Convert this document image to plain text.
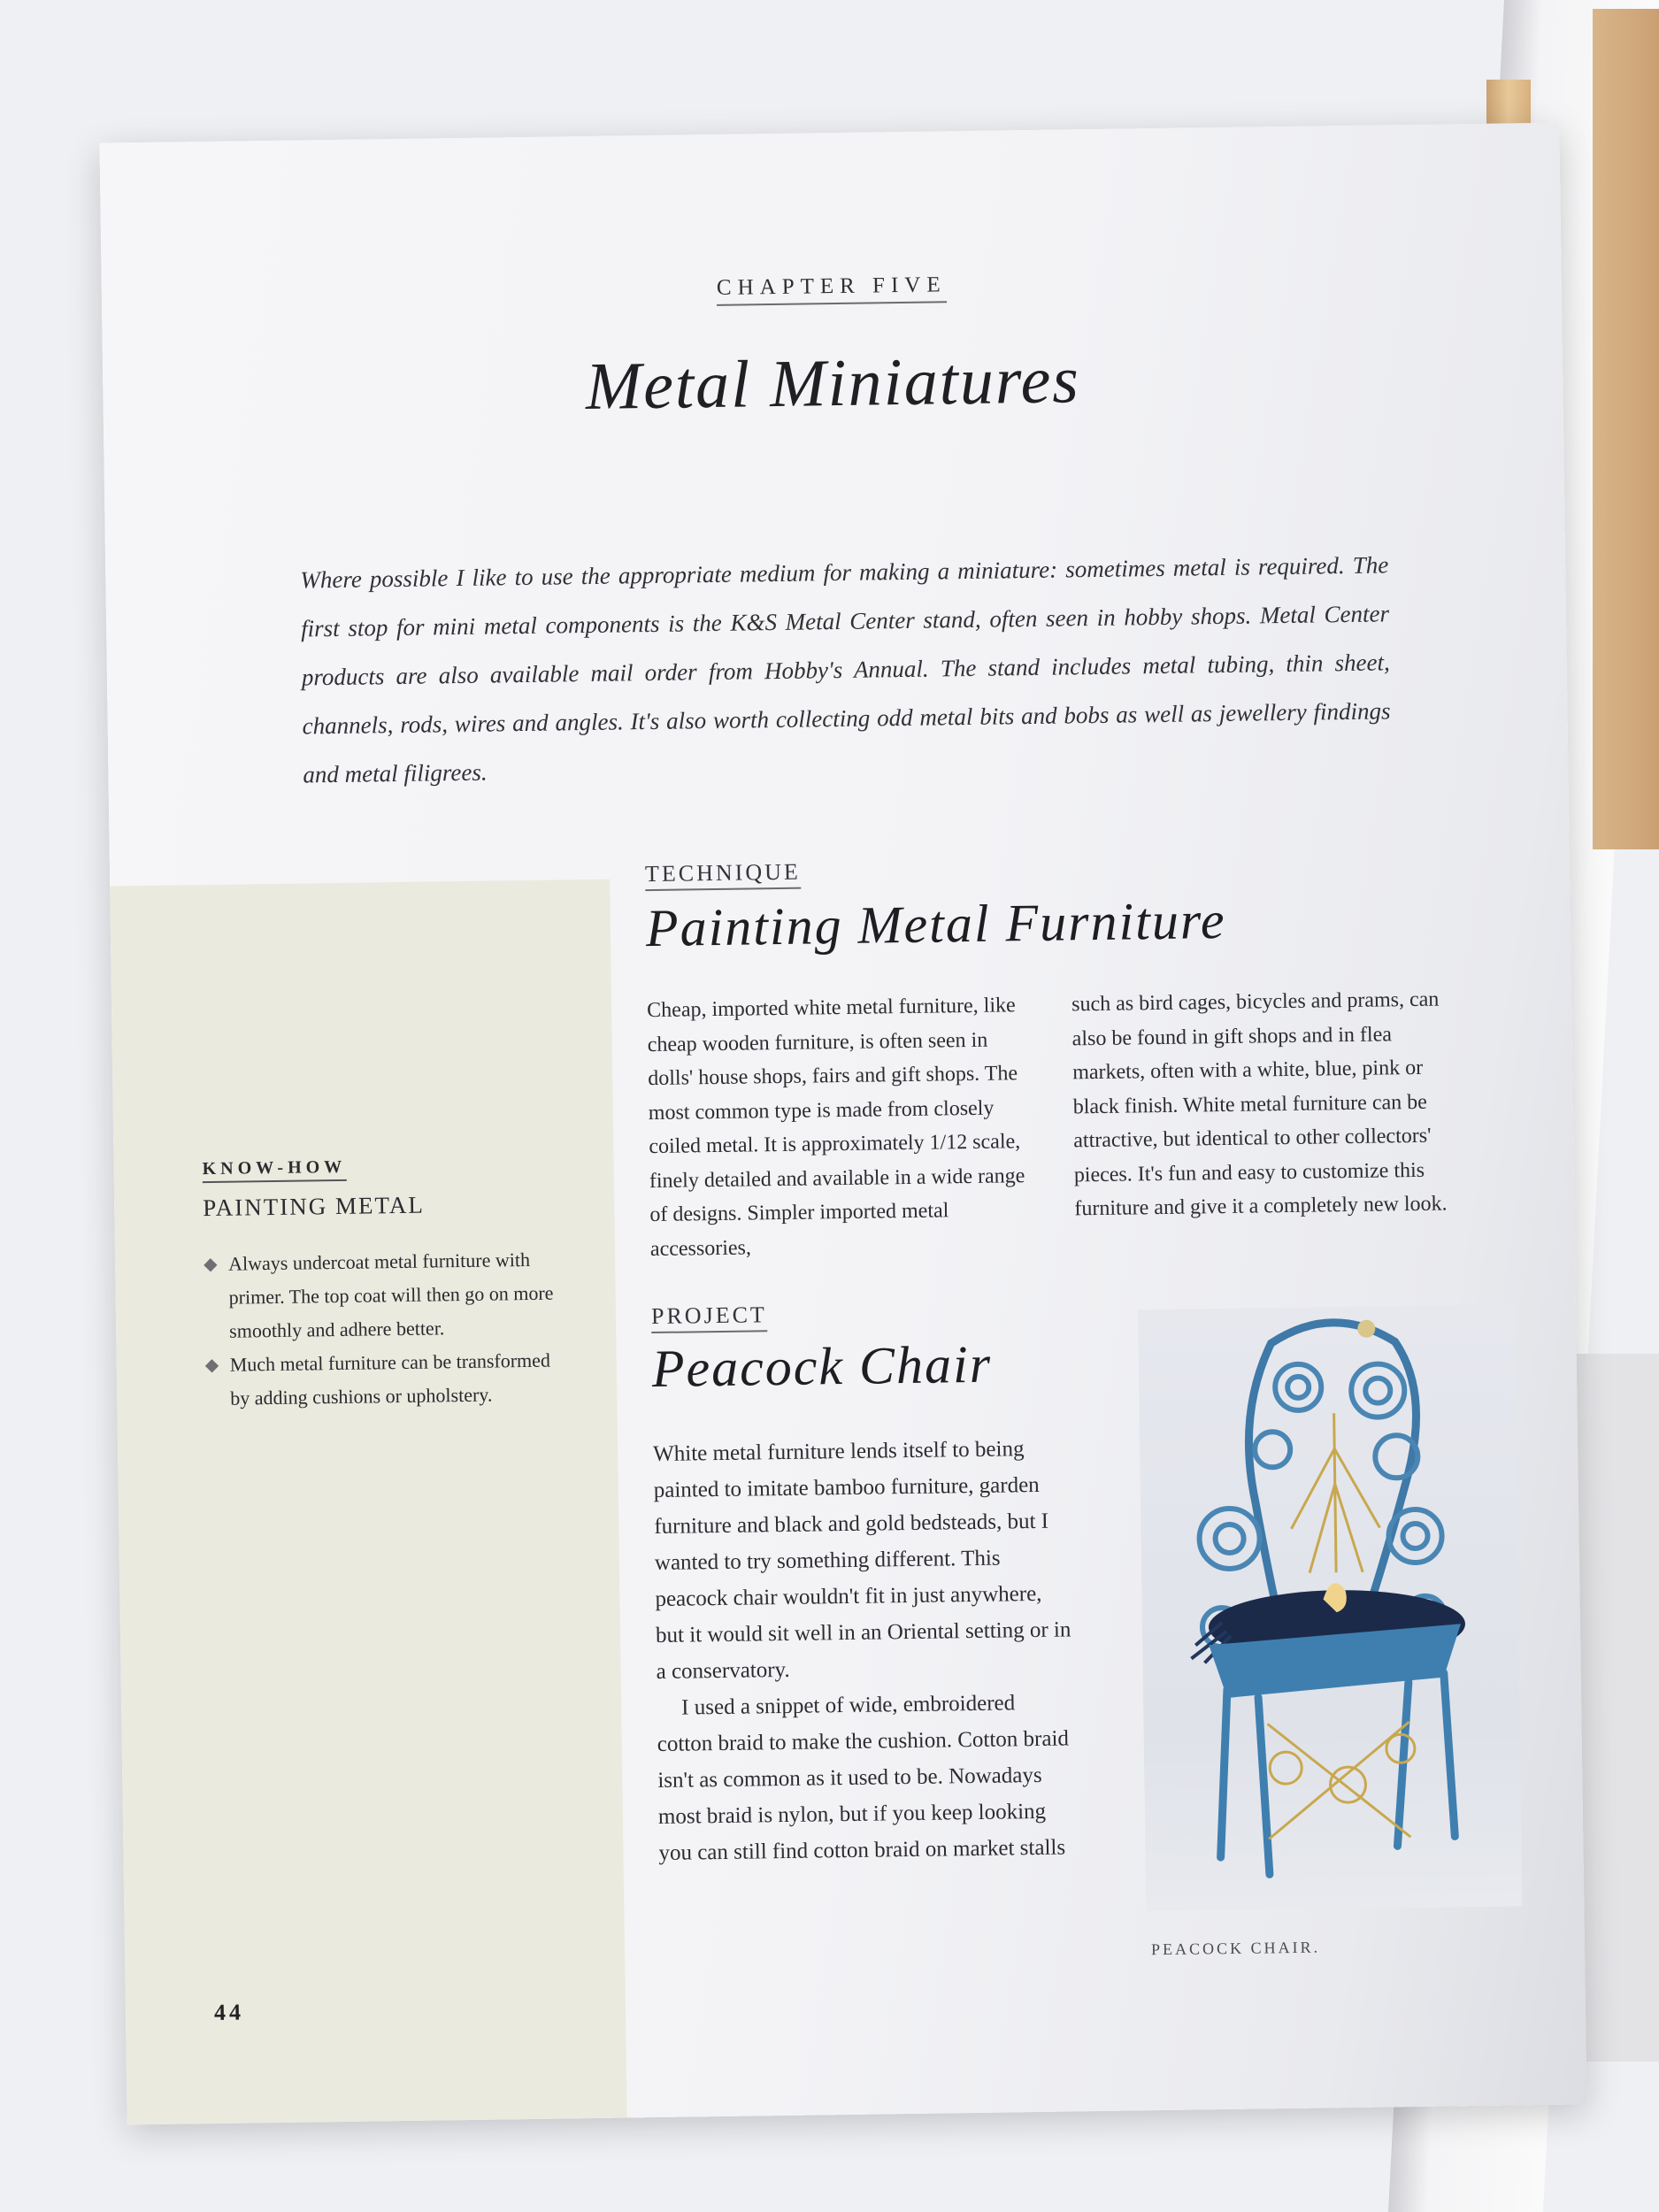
CHAPTER FIVE
Metal Miniatures
Where possible I like to use the appropriate medium for making a miniature: sometimes metal is required. The first stop for mini metal components is the K&S Metal Center stand, often seen in hobby shops. Metal Center products are also available mail order from Hobby's Annual. The stand includes metal tubing, thin sheet, channels, rods, wires and angles. It's also worth collecting odd metal bits and bobs as well as jewellery findings and metal filigrees.
TECHNIQUE
Painting Metal Furniture
Cheap, imported white metal furniture, like cheap wooden furniture, is often seen in dolls' house shops, fairs and gift shops. The most common type is made from closely coiled metal. It is approximately 1/12 scale, finely detailed and available in a wide range of designs. Simpler imported metal accessories,
such as bird cages, bicycles and prams, can also be found in gift shops and in flea markets, often with a white, blue, pink or black finish. White metal furniture can be attractive, but identical to other collectors' pieces. It's fun and easy to customize this furniture and give it a completely new look.
KNOW-HOW
PAINTING METAL
◆ Always undercoat metal furniture with primer. The top coat will then go on more smoothly and adhere better.
◆ Much metal furniture can be transformed by adding cushions or upholstery.
PROJECT
Peacock Chair
White metal furniture lends itself to being painted to imitate bamboo furniture, garden furniture and black and gold bedsteads, but I wanted to try something different. This peacock chair wouldn't fit in just anywhere, but it would sit well in an Oriental setting or in a conservatory.
I used a snippet of wide, embroidered cotton braid to make the cushion. Cotton braid isn't as common as it used to be. Nowadays most braid is nylon, but if you keep looking you can still find cotton braid on market stalls
PEACOCK CHAIR.
44
